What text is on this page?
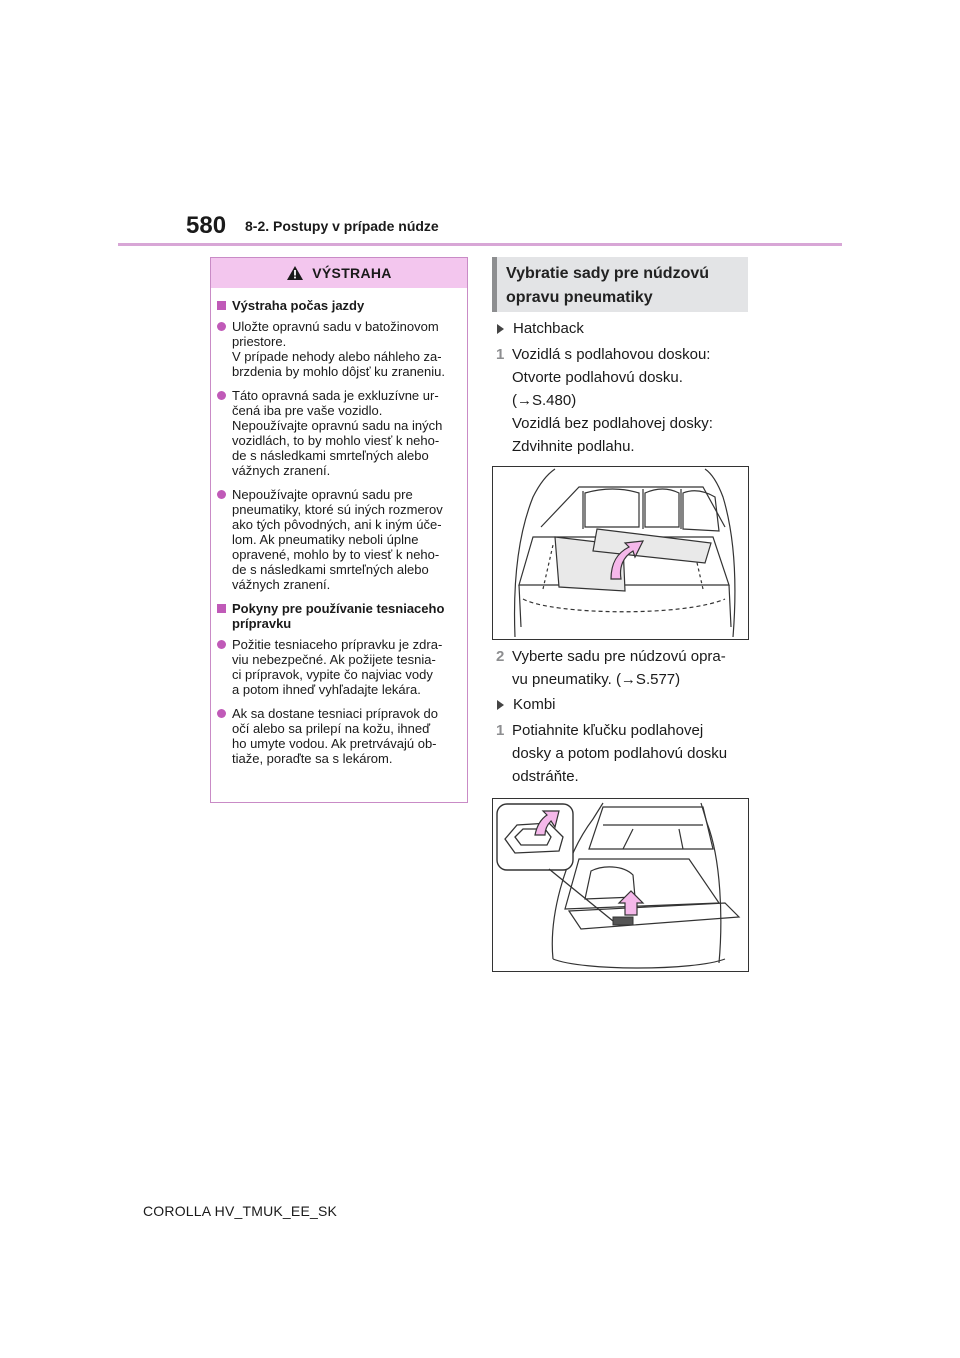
580 8-2. Postupy v prípade núdze
VÝSTRAHA
Výstraha počas jazdy
Uložte opravnú sadu v batožinovom
priestore.
V prípade nehody alebo náhleho za-
brzdenia by mohlo dôjsť ku zraneniu.
Táto opravná sada je exkluzívne ur-
čená iba pre vaše vozidlo.
Nepoužívajte opravnú sadu na iných
vozidlách, to by mohlo viesť k neho-
de s následkami smrteľných alebo
vážnych zranení.
Nepoužívajte opravnú sadu pre
pneumatiky, ktoré sú iných rozmerov
ako tých pôvodných, ani k iným úče-
lom. Ak pneumatiky neboli úplne
opravené, mohlo by to viesť k neho-
de s následkami smrteľných alebo
vážnych zranení.
Pokyny pre používanie tesniaceho
prípravku
Požitie tesniaceho prípravku je zdra-
viu nebezpečné. Ak požijete tesnia-
ci prípravok, vypite čo najviac vody
a potom ihneď vyhľadajte lekára.
Ak sa dostane tesniaci prípravok do
očí alebo sa prilepí na kožu, ihneď
ho umyte vodou. Ak pretrvávajú ob-
tiaže, poraďte sa s lekárom.
Vybratie sady pre núdzovú
opravu pneumatiky
Hatchback
1 Vozidlá s podlahovou doskou:
Otvorte podlahovú dosku.
(→S.480)
Vozidlá bez podlahovej dosky:
Zdvihnite podlahu.
2 Vyberte sadu pre núdzovú opra-
vu pneumatiky. (→S.577)
Kombi
1 Potiahnite kľučku podlahovej
dosky a potom podlahovú dosku
odstráňte.
COROLLA HV_TMUK_EE_SK
